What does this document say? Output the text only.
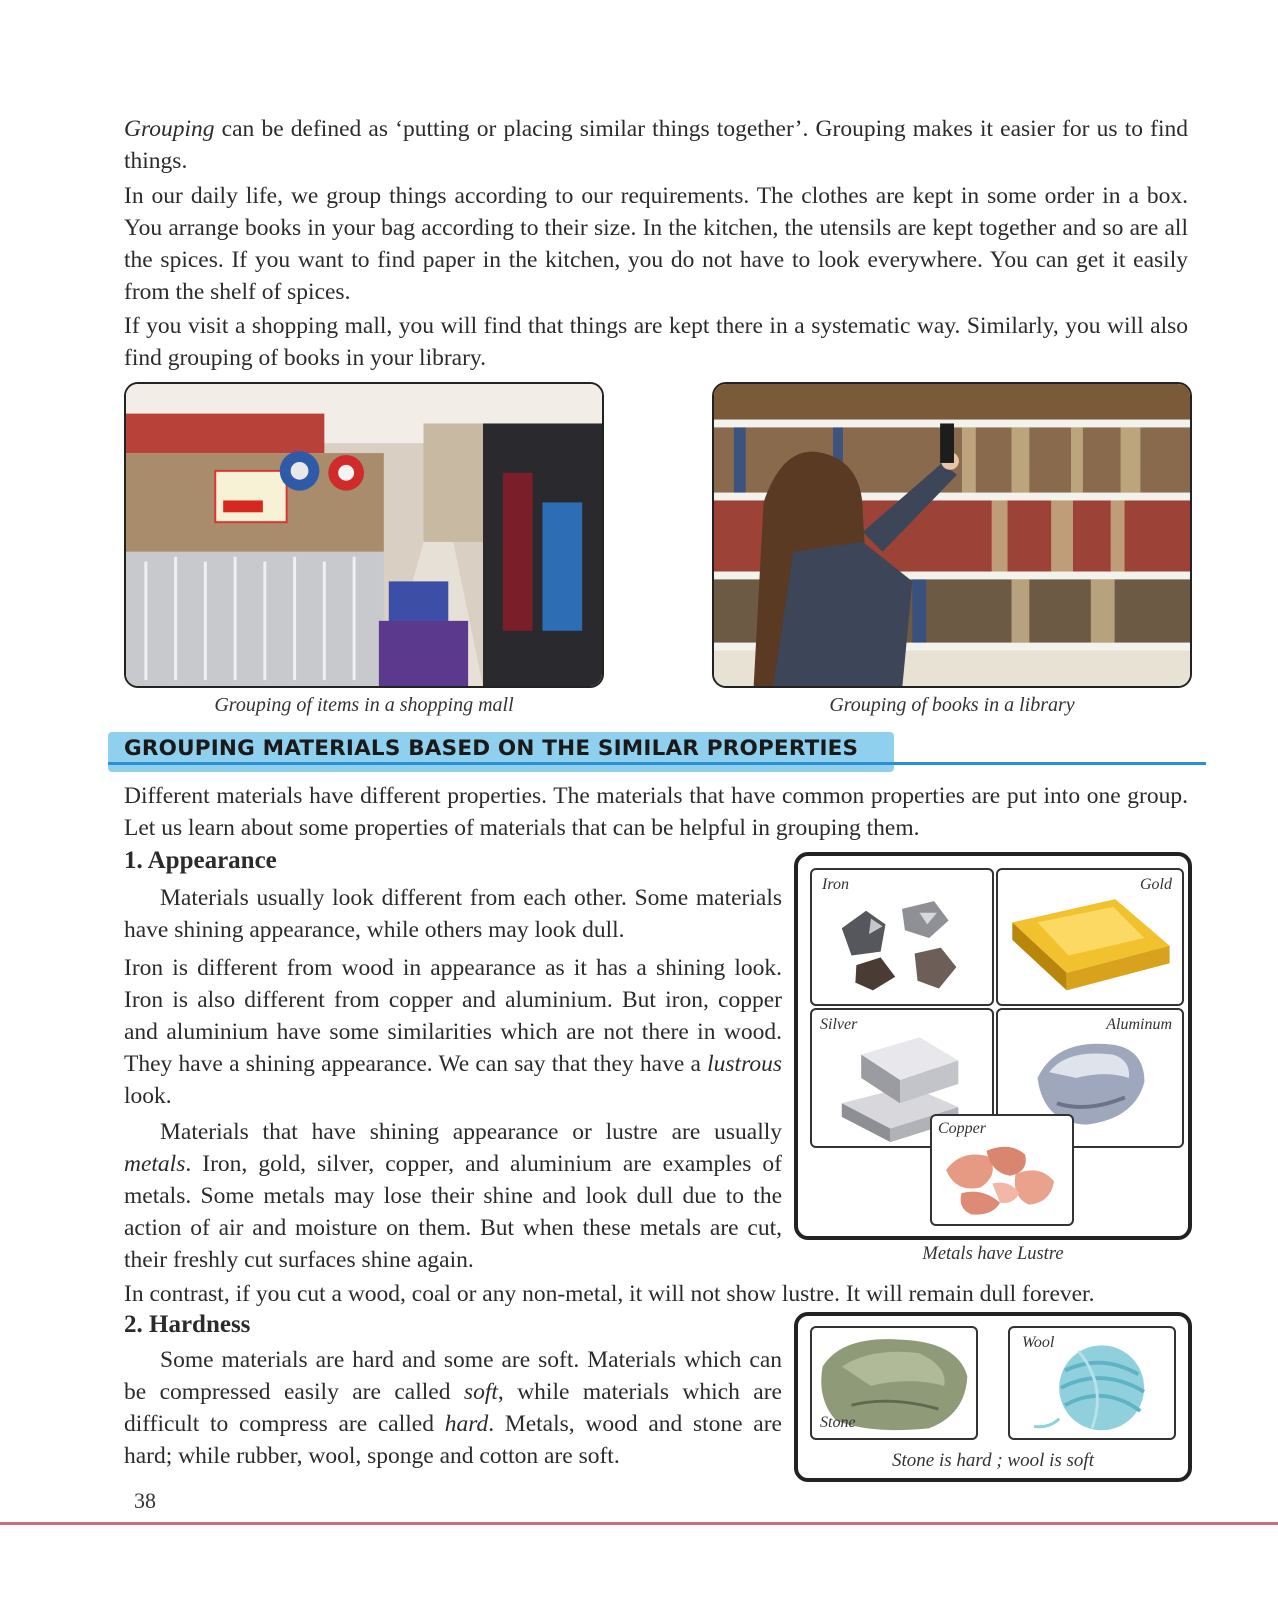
Grouping can be defined as ‘putting or placing similar things together’. Grouping makes it easier for us to find things.

In our daily life, we group things according to our requirements. The clothes are kept in some order in a box. You arrange books in your bag according to their size. In the kitchen, the utensils are kept together and so are all the spices. If you want to find paper in the kitchen, you do not have to look everywhere. You can get it easily from the shelf of spices.

If you visit a shopping mall, you will find that things are kept there in a systematic way. Similarly, you will also find grouping of books in your library.

Grouping of items in a shopping mall	Grouping of books in a library
GROUPING MATERIALS BASED ON THE SIMILAR PROPERTIES

Different materials have different properties. The materials that have common properties are put into one group. Let us learn about some properties of materials that can be helpful in grouping them.

1. Appearance

Materials usually look different from each other. Some materials have shining appearance, while others may look dull.

Iron is different from wood in appearance as it has a shining look. Iron is also different from copper and aluminium. But iron, copper and aluminium have some similarities which are not there in wood. They have a shining appearance. We can say that they have a lustrous look.

Materials that have shining appearance or lustre are usually metals. Iron, gold, silver, copper, and aluminium are examples of metals. Some metals may lose their shine and look dull due to the action of air and moisture on them. But when these metals are cut, their freshly cut surfaces shine again.

In contrast, if you cut a wood, coal or any non-metal, it will not show lustre. It will remain dull forever.

Iron	Gold
Silver	Aluminum
Copper
Metals have Lustre
2. Hardness

Some materials are hard and some are soft. Materials which can be compressed easily are called soft, while materials which are difficult to compress are called hard. Metals, wood and stone are hard; while rubber, wool, sponge and cotton are soft.

Stone
Wool
Stone is hard ; wool is soft
38
